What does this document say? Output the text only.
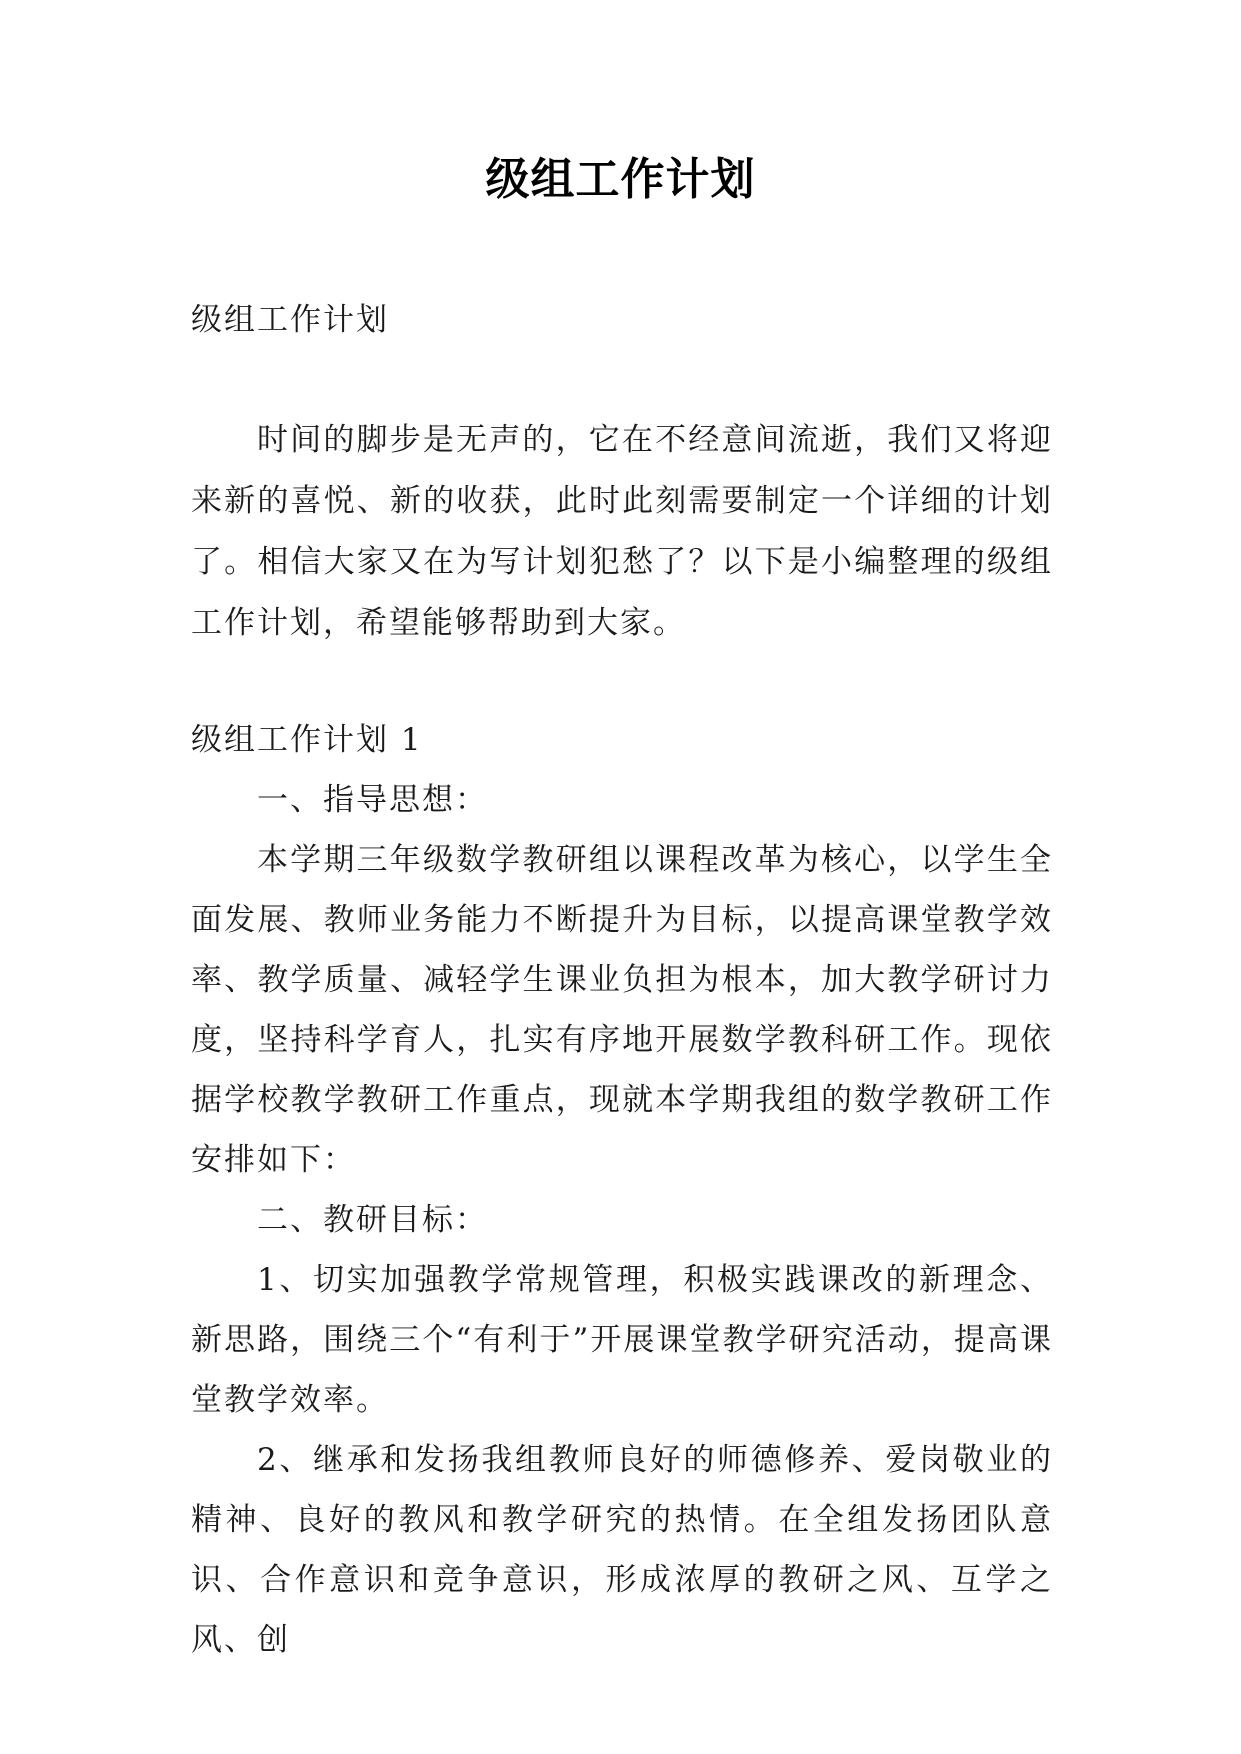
级组工作计划

级组工作计划

时间的脚步是无声的，它在不经意间流逝，我们又将迎来新的喜悦、新的收获，此时此刻需要制定一个详细的计划了。相信大家又在为写计划犯愁了？以下是小编整理的级组工作计划，希望能够帮助到大家。

级组工作计划 1

一、指导思想：

本学期三年级数学教研组以课程改革为核心，以学生全面发展、教师业务能力不断提升为目标，以提高课堂教学效率、教学质量、减轻学生课业负担为根本，加大教学研讨力度，坚持科学育人，扎实有序地开展数学教科研工作。现依据学校教学教研工作重点，现就本学期我组的数学教研工作安排如下：

二、教研目标：

1、切实加强教学常规管理，积极实践课改的新理念、新思路，围绕三个“有利于”开展课堂教学研究活动，提高课堂教学效率。

2、继承和发扬我组教师良好的师德修养、爱岗敬业的精神、良好的教风和教学研究的热情。在全组发扬团队意识、合作意识和竞争意识，形成浓厚的教研之风、互学之风、创
